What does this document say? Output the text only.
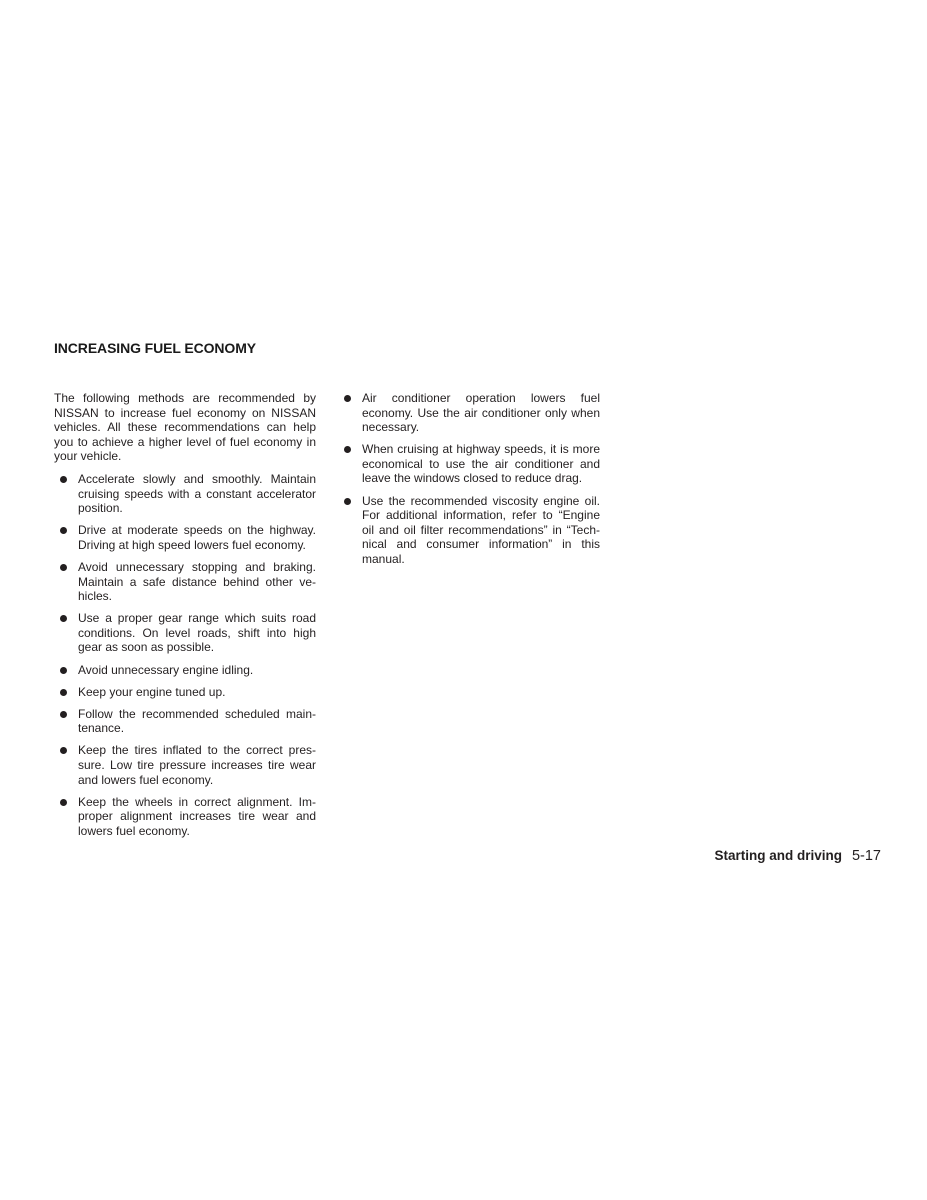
INCREASING FUEL ECONOMY

The following methods are recommended by NISSAN to increase fuel economy on NISSAN vehicles. All these recommendations can help you to achieve a higher level of fuel economy in your vehicle.

Accelerate slowly and smoothly. Maintain cruising speeds with a constant accelerator position.
Drive at moderate speeds on the highway. Driving at high speed lowers fuel economy.
Avoid unnecessary stopping and braking. Maintain a safe distance behind other ve-hicles.
Use a proper gear range which suits road conditions. On level roads, shift into high gear as soon as possible.
Avoid unnecessary engine idling.
Keep your engine tuned up.
Follow the recommended scheduled main-tenance.
Keep the tires inflated to the correct pres-sure. Low tire pressure increases tire wear and lowers fuel economy.
Keep the wheels in correct alignment. Im-proper alignment increases tire wear and lowers fuel economy.
Air conditioner operation lowers fuel economy. Use the air conditioner only when necessary.
When cruising at highway speeds, it is more economical to use the air conditioner and leave the windows closed to reduce drag.
Use the recommended viscosity engine oil. For additional information, refer to “Engine oil and oil filter recommendations” in “Tech-nical and consumer information” in this manual.
Starting and driving 5-17
